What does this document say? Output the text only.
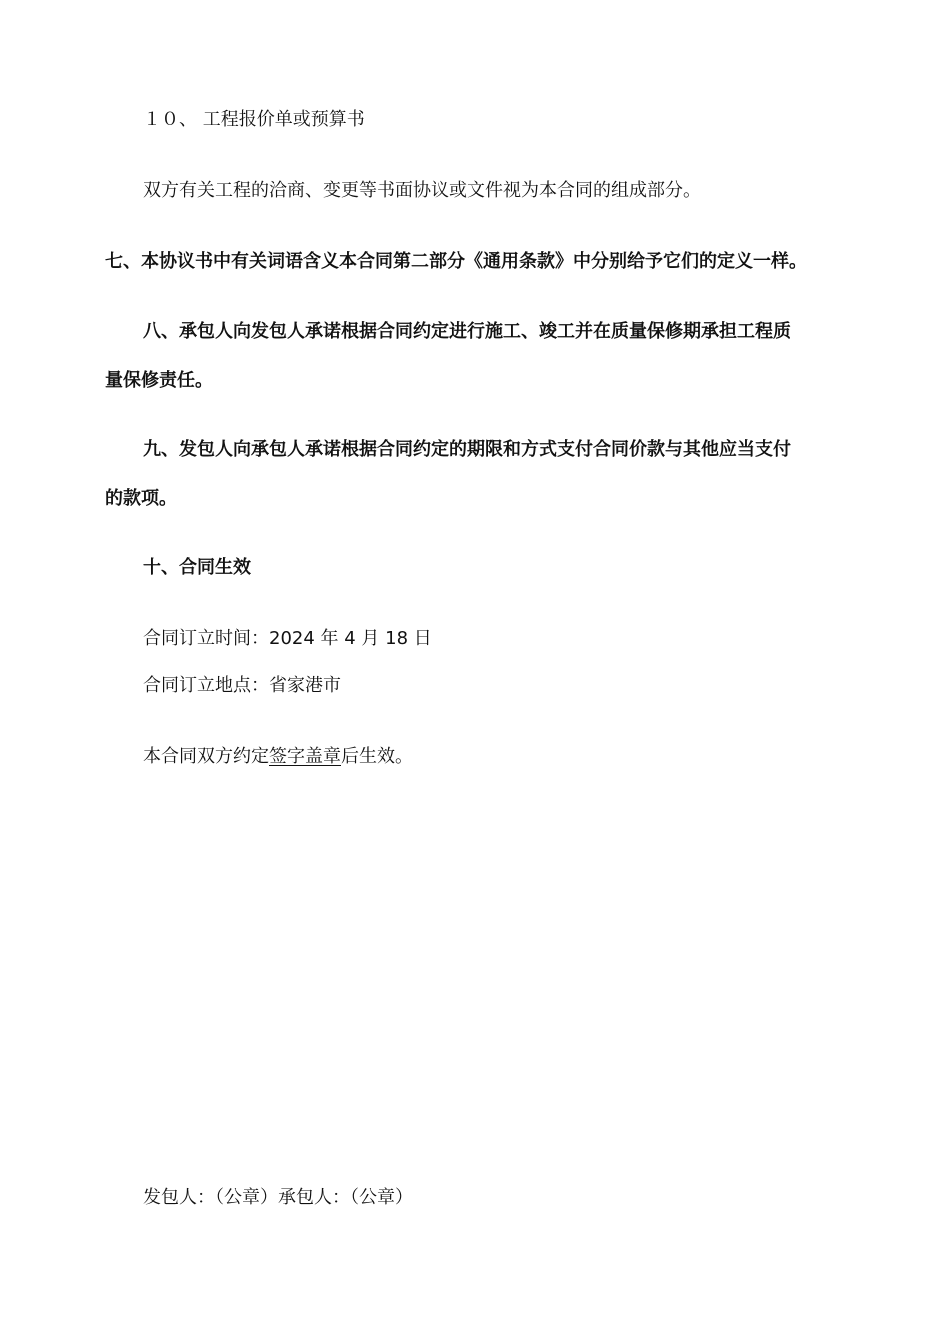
１０、 工程报价单或预算书
双方有关工程的洽商、变更等书面协议或文件视为本合同的组成部分。
七、本协议书中有关词语含义本合同第二部分《通用条款》中分别给予它们的定义一样。
八、承包人向发包人承诺根据合同约定进行施工、竣工并在质量保修期承担工程质
量保修责任。
九、发包人向承包人承诺根据合同约定的期限和方式支付合同价款与其他应当支付
的款项。
十、合同生效
合同订立时间：2024 年 4 月 18 日
合同订立地点：省家港市
本合同双方约定签字盖章后生效。
发包人：（公章）承包人：（公章）
